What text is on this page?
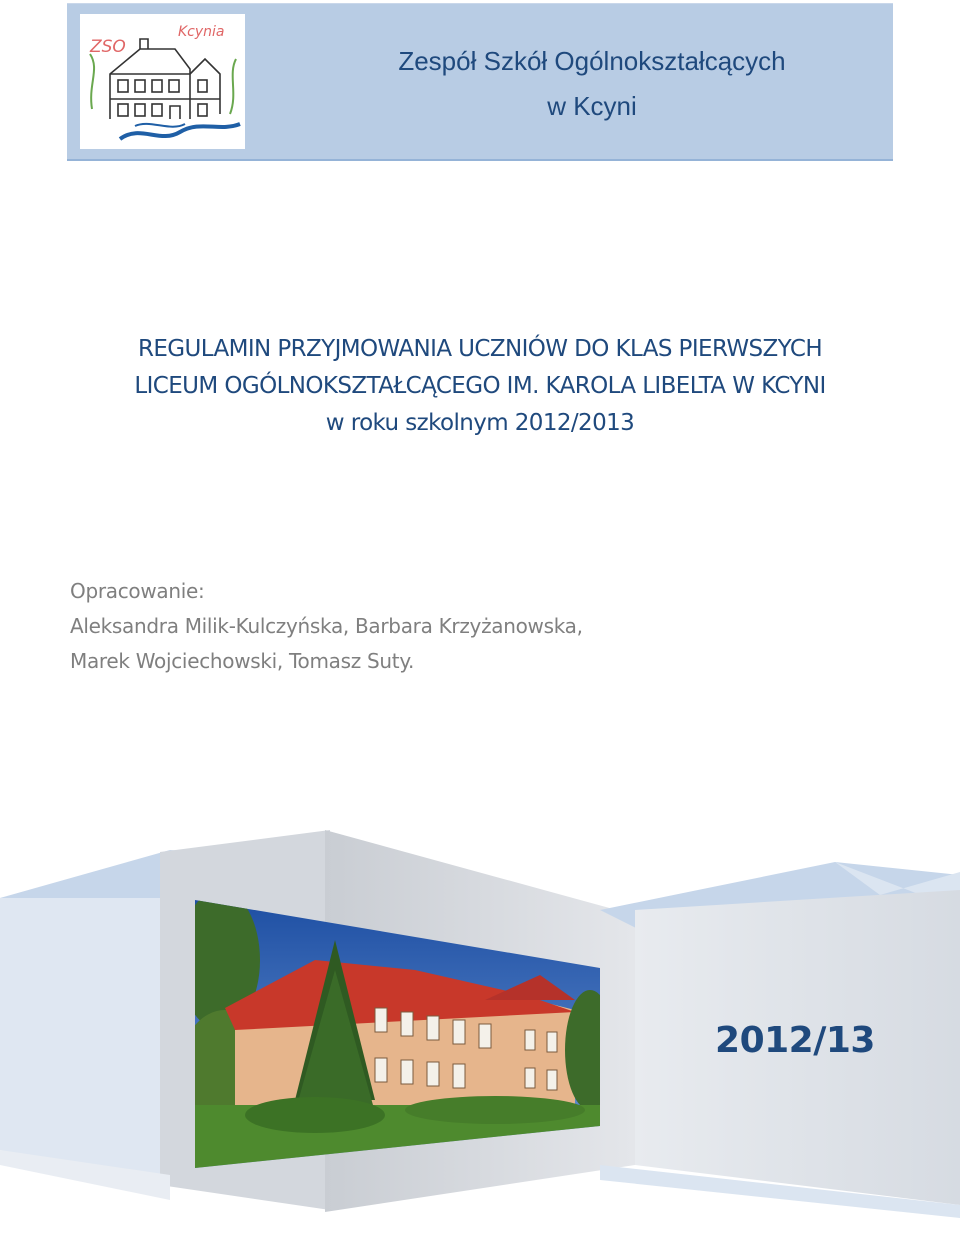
ZSO
Kcynia
Zespół Szkół Ogólnokształcących
w Kcyni
REGULAMIN PRZYJMOWANIA UCZNIÓW DO KLAS PIERWSZYCH
LICEUM OGÓLNOKSZTAŁCĄCEGO IM. KAROLA LIBELTA W KCYNI
w roku szkolnym 2012/2013
Opracowanie:
Aleksandra Milik-Kulczyńska, Barbara Krzyżanowska,
Marek Wojciechowski, Tomasz Suty.
2012/13
